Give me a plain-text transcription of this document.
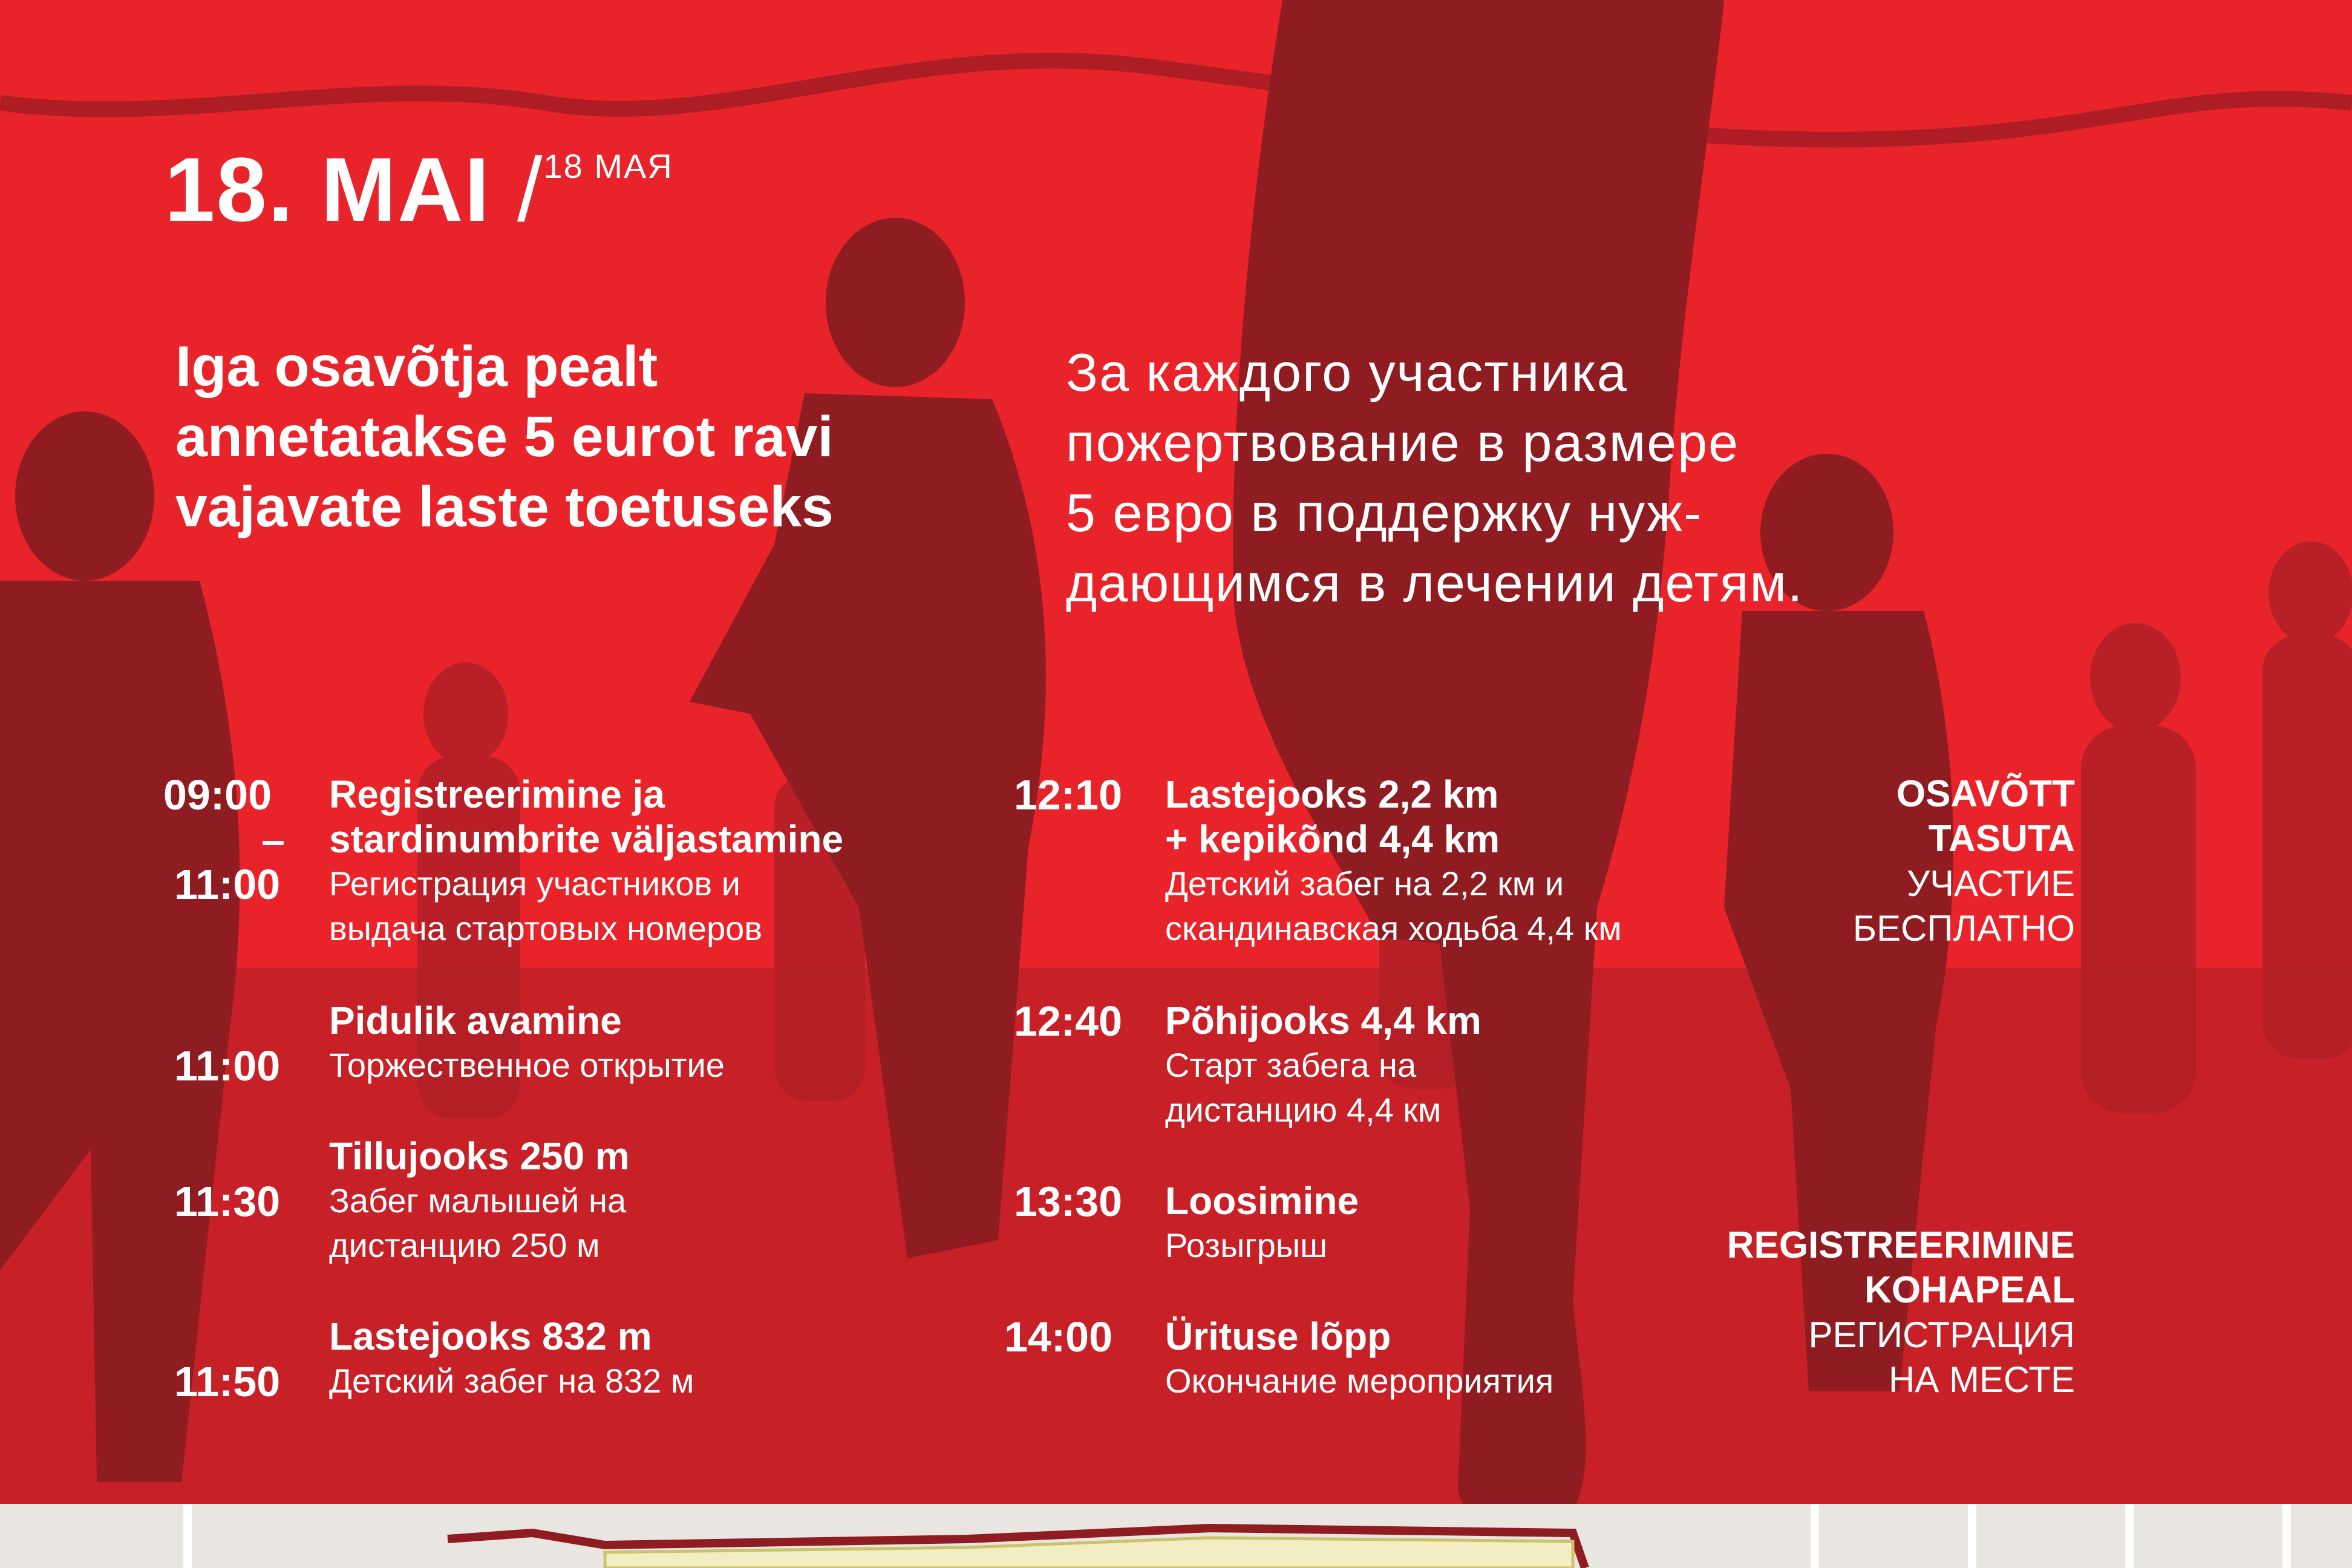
18. MAI / 18 МАЯ
Iga osavõtja pealt
annetatakse 5 eurot ravi
vajavate laste toetuseks
За каждого участника
пожертвование в размере
5 евро в поддержку нуж-
дающимся в лечении детям.
09:00
–
11:00
Registreerimine ja
stardinumbrite väljastamine
Регистрация участников и
выдача стартовых номеров
Pidulik avamine
11:00 Торжественное открытие
Tillujooks 250 m
11:30 Забег малышей на
дистанцию 250 м
Lastejooks 832 m
11:50 Детский забег на 832 м
12:10 Lastejooks 2,2 km
+ kepikõnd 4,4 km
Детский забег на 2,2 км и
скандинавская ходьба 4,4 км
12:40 Põhijooks 4,4 km
Старт забега на
дистанцию 4,4 км
13:30 Loosimine
Розыгрыш
14:00 Ürituse lõpp
Окончание мероприятия
OSAVÕTT
TASUTA
УЧАСТИЕ
БЕСПЛАТНО
REGISTREERIMINE
KOHAPEAL
РЕГИСТРАЦИЯ
НА МЕСТЕ
